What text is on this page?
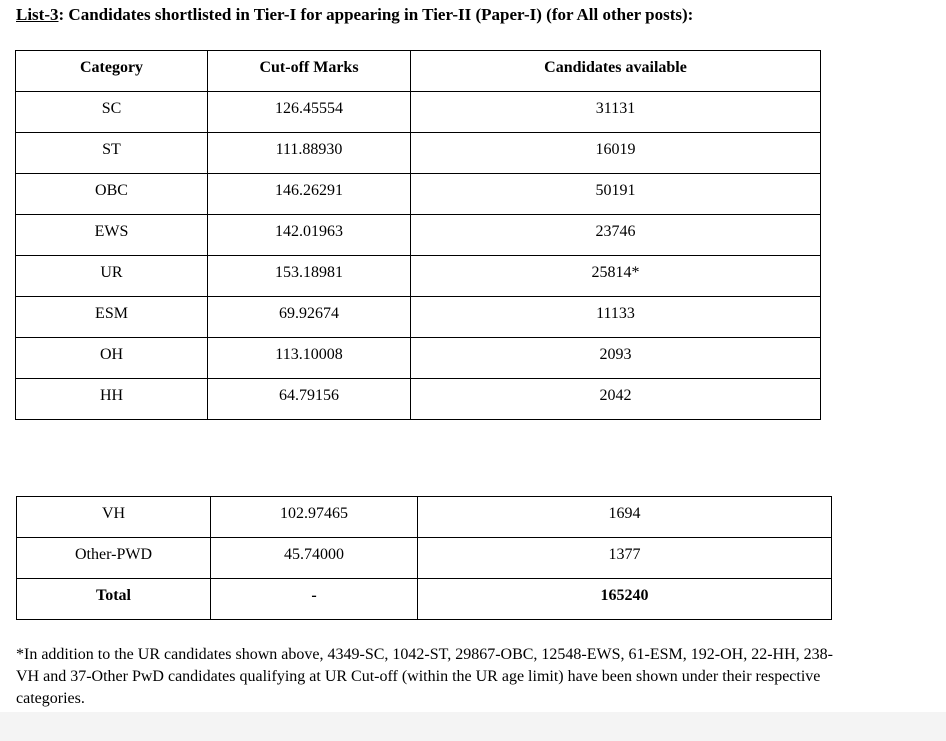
List-3: Candidates shortlisted in Tier-I for appearing in Tier-II (Paper-I) (for All other posts):
Category	Cut-off Marks	Candidates available
SC	126.45554	31131
ST	111.88930	16019
OBC	146.26291	50191
EWS	142.01963	23746
UR	153.18981	25814*
ESM	69.92674	11133
OH	113.10008	2093
HH	64.79156	2042
VH	102.97465	1694
Other-PWD	45.74000	1377
Total	-	165240
*In addition to the UR candidates shown above, 4349-SC, 1042-ST, 29867-OBC, 12548-EWS, 61-ESM, 192-OH, 22-HH, 238-VH and 37-Other PwD candidates qualifying at UR Cut-off (within the UR age limit) have been shown under their respective categories.
